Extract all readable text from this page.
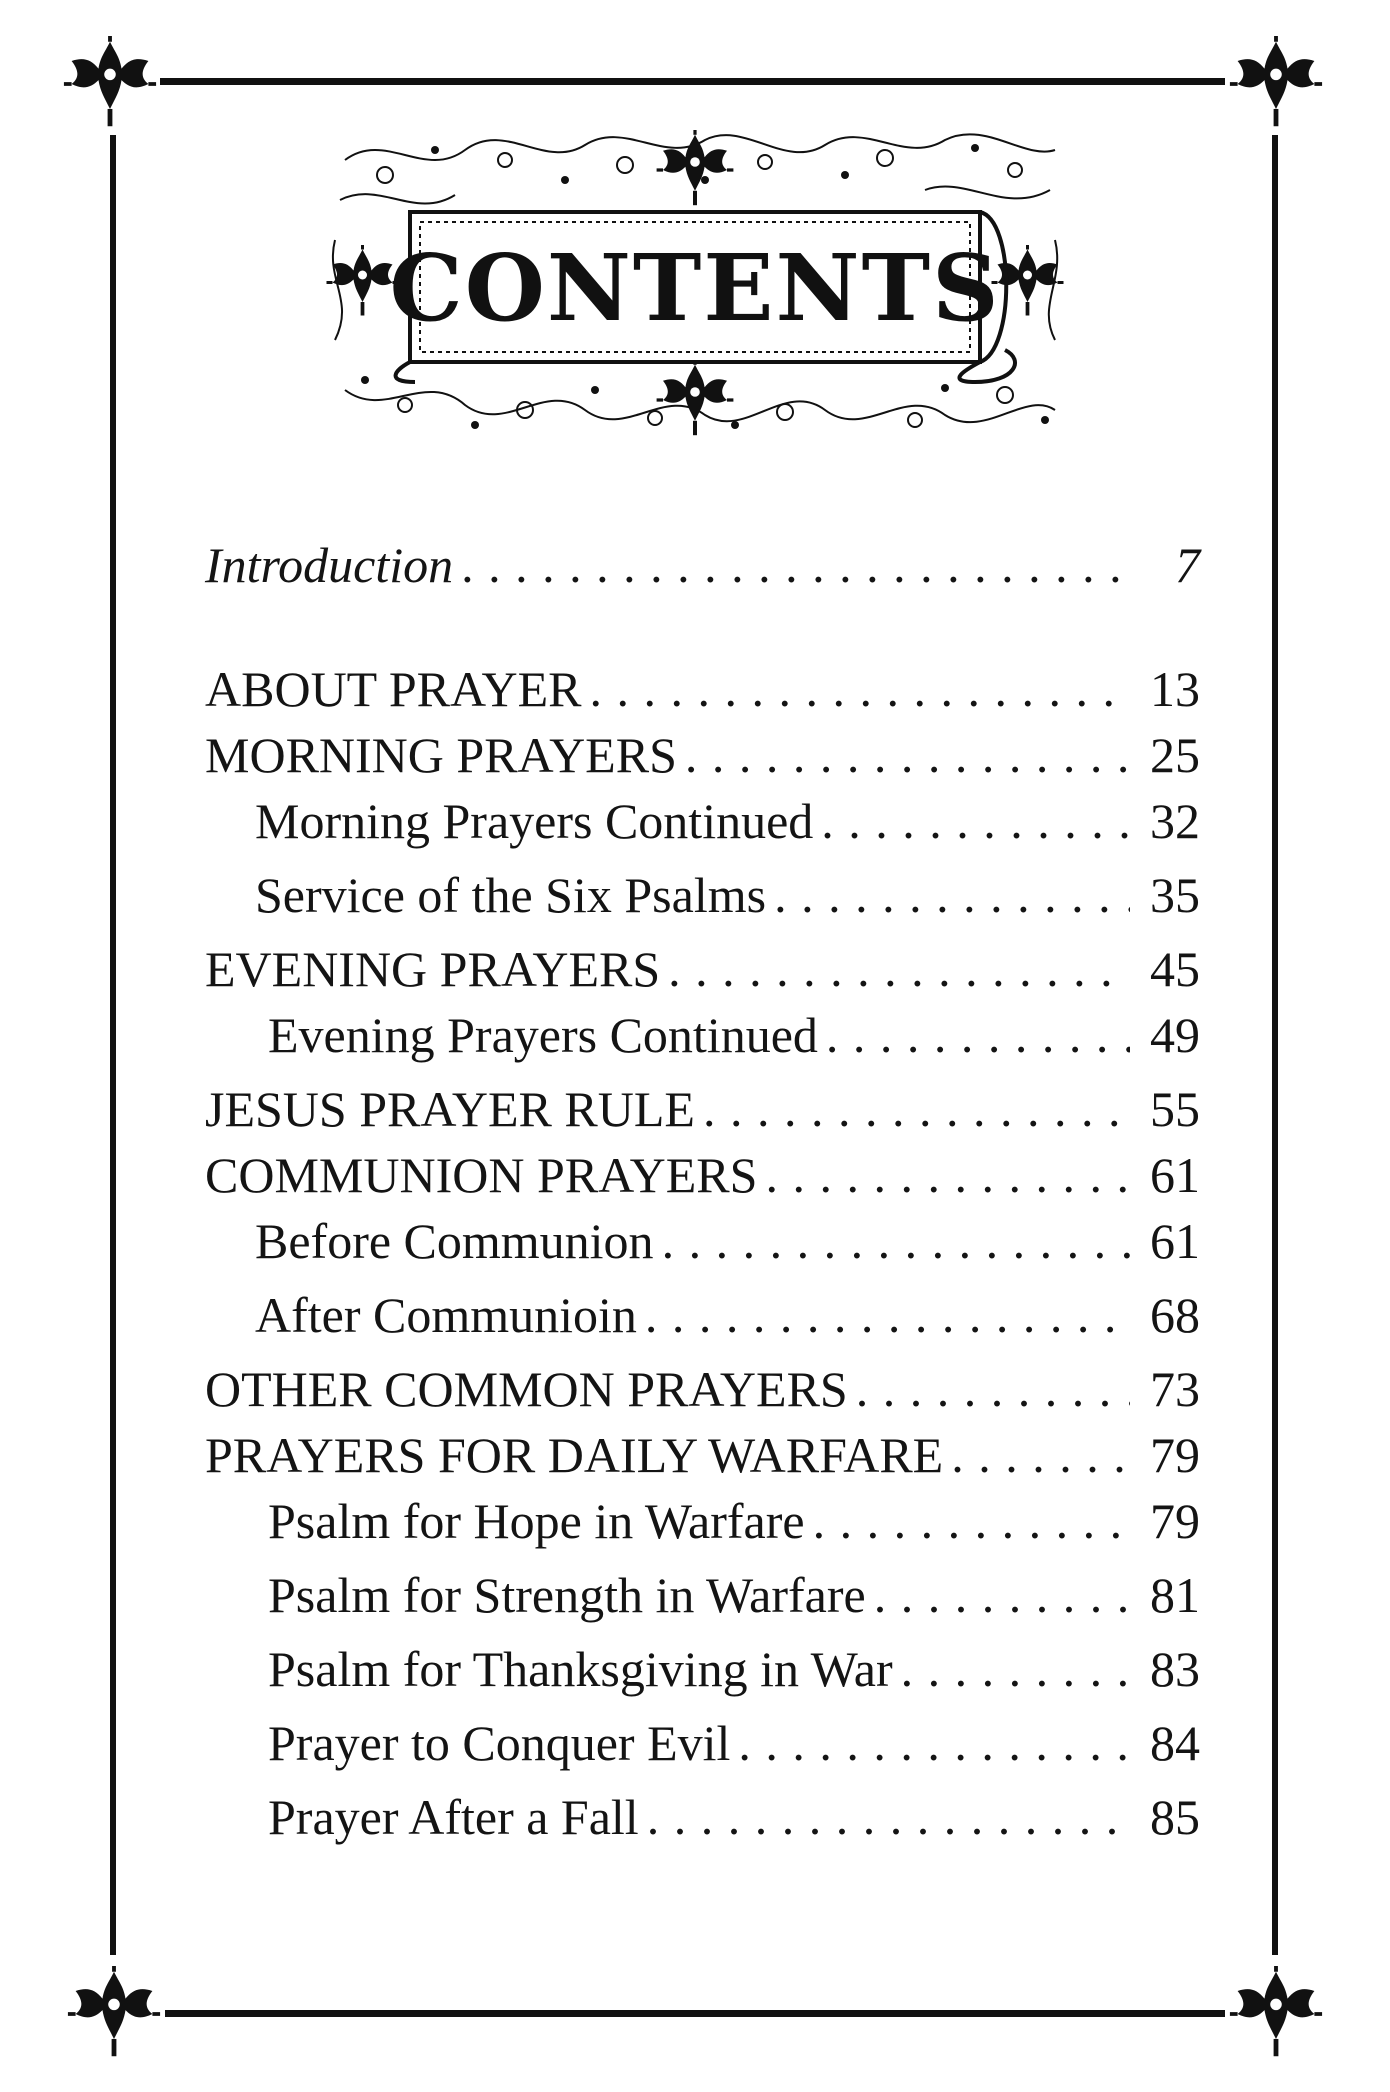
CONTENTS
Introduction . . .	7
ABOUT PRAYER . . .	13
MORNING PRAYERS . . .	25
Morning Prayers Continued . . .	32
Service of the Six Psalms . . .	35
EVENING PRAYERS . . .	45
Evening Prayers Continued . . .	49
JESUS PRAYER RULE . . .	55
COMMUNION PRAYERS . . .	61
Before Communion . . .	61
After Communioin . . .	68
OTHER COMMON PRAYERS . . .	73
PRAYERS FOR DAILY WARFARE . . .	79
Psalm for Hope in Warfare . . .	79
Psalm for Strength in Warfare . . .	81
Psalm for Thanksgiving in War . . .	83
Prayer to Conquer Evil . . .	84
Prayer After a Fall . . .	85
